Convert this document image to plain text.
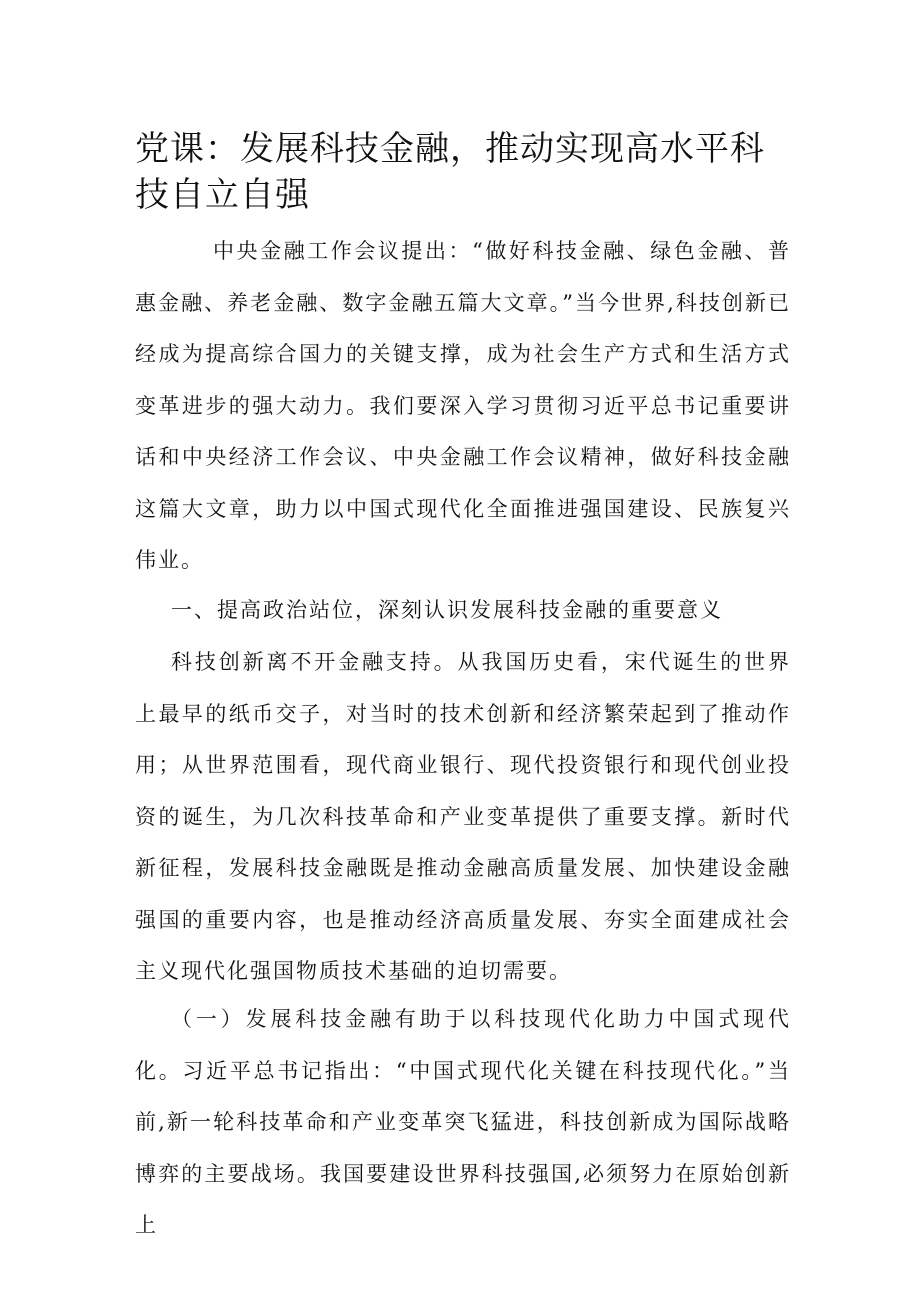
党课：发展科技金融，推动实现高水平科技自立自强

中央金融工作会议提出：“做好科技金融、绿色金融、普惠金融、养老金融、数字金融五篇大文章。”当今世界,科技创新已经成为提高综合国力的关键支撑，成为社会生产方式和生活方式变革进步的强大动力。我们要深入学习贯彻习近平总书记重要讲话和中央经济工作会议、中央金融工作会议精神，做好科技金融这篇大文章，助力以中国式现代化全面推进强国建设、民族复兴伟业。

一、提高政治站位，深刻认识发展科技金融的重要意义

科技创新离不开金融支持。从我国历史看，宋代诞生的世界上最早的纸币交子，对当时的技术创新和经济繁荣起到了推动作用；从世界范围看，现代商业银行、现代投资银行和现代创业投资的诞生，为几次科技革命和产业变革提供了重要支撑。新时代新征程，发展科技金融既是推动金融高质量发展、加快建设金融强国的重要内容，也是推动经济高质量发展、夯实全面建成社会主义现代化强国物质技术基础的迫切需要。

（一）发展科技金融有助于以科技现代化助力中国式现代化。习近平总书记指出：“中国式现代化关键在科技现代化。”当前,新一轮科技革命和产业变革突飞猛进，科技创新成为国际战略博弈的主要战场。我国要建设世界科技强国,必须努力在原始创新上
